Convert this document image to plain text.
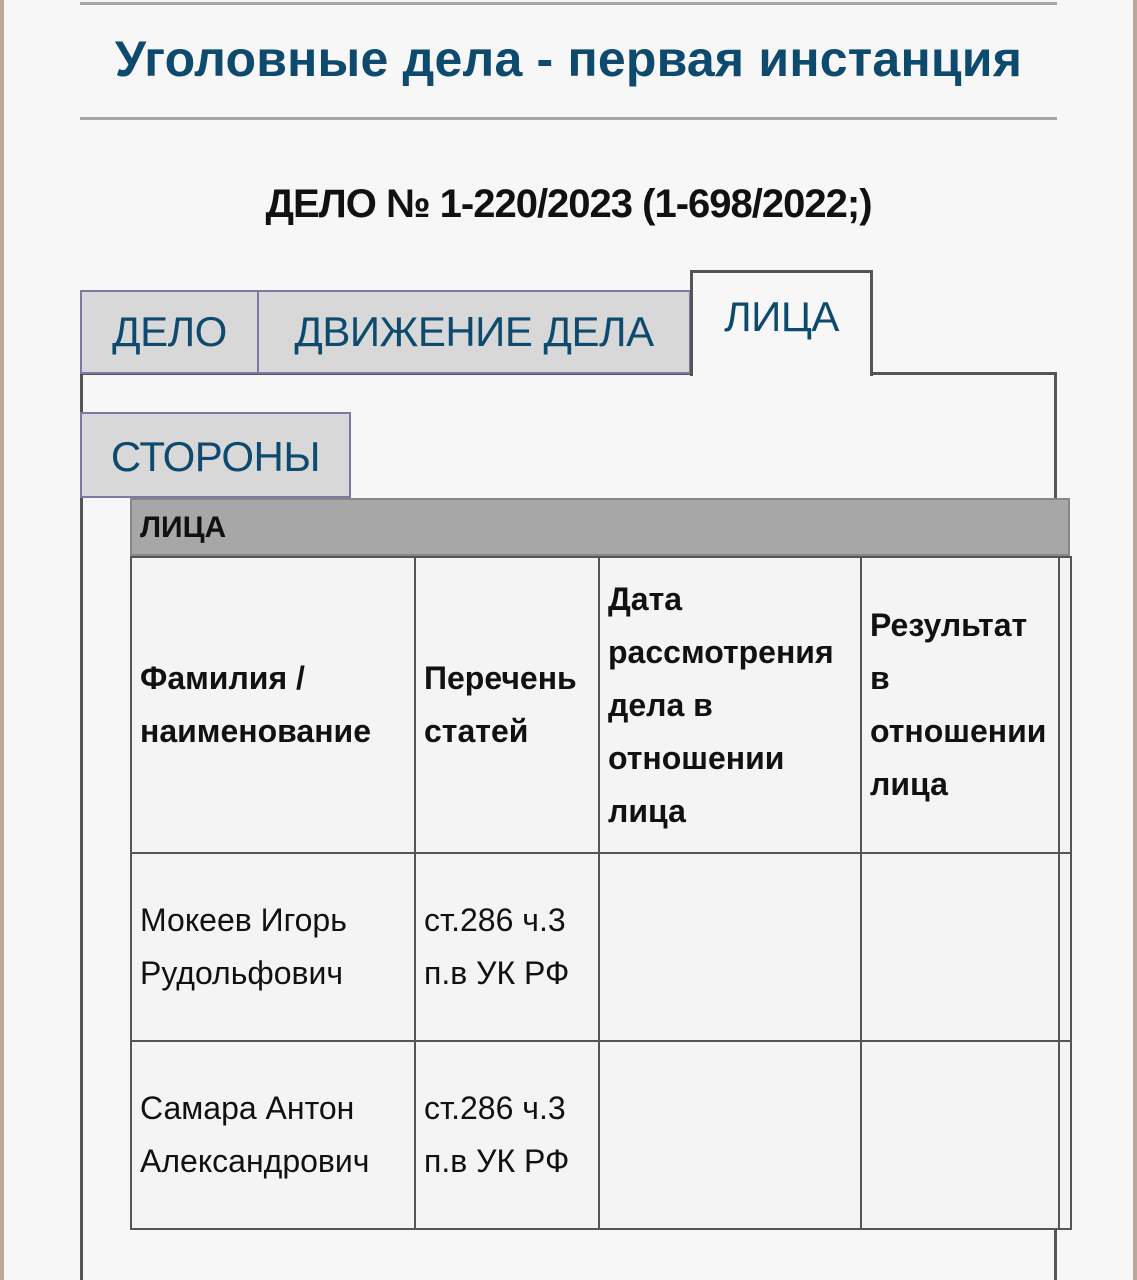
Уголовные дела - первая инстанция
ДЕЛО № 1-220/2023 (1-698/2022;)
ДЕЛО	ДВИЖЕНИЕ ДЕЛА	ЛИЦА
СТОРОНЫ
ЛИЦА
Фамилия / наименование	Перечень статей	Дата рассмотрения дела в отношении лица	Результат в отношении лица	
Мокеев Игорь Рудольфович	ст.286 ч.3 п.в УК РФ			
Самара Антон Александрович	ст.286 ч.3 п.в УК РФ			
